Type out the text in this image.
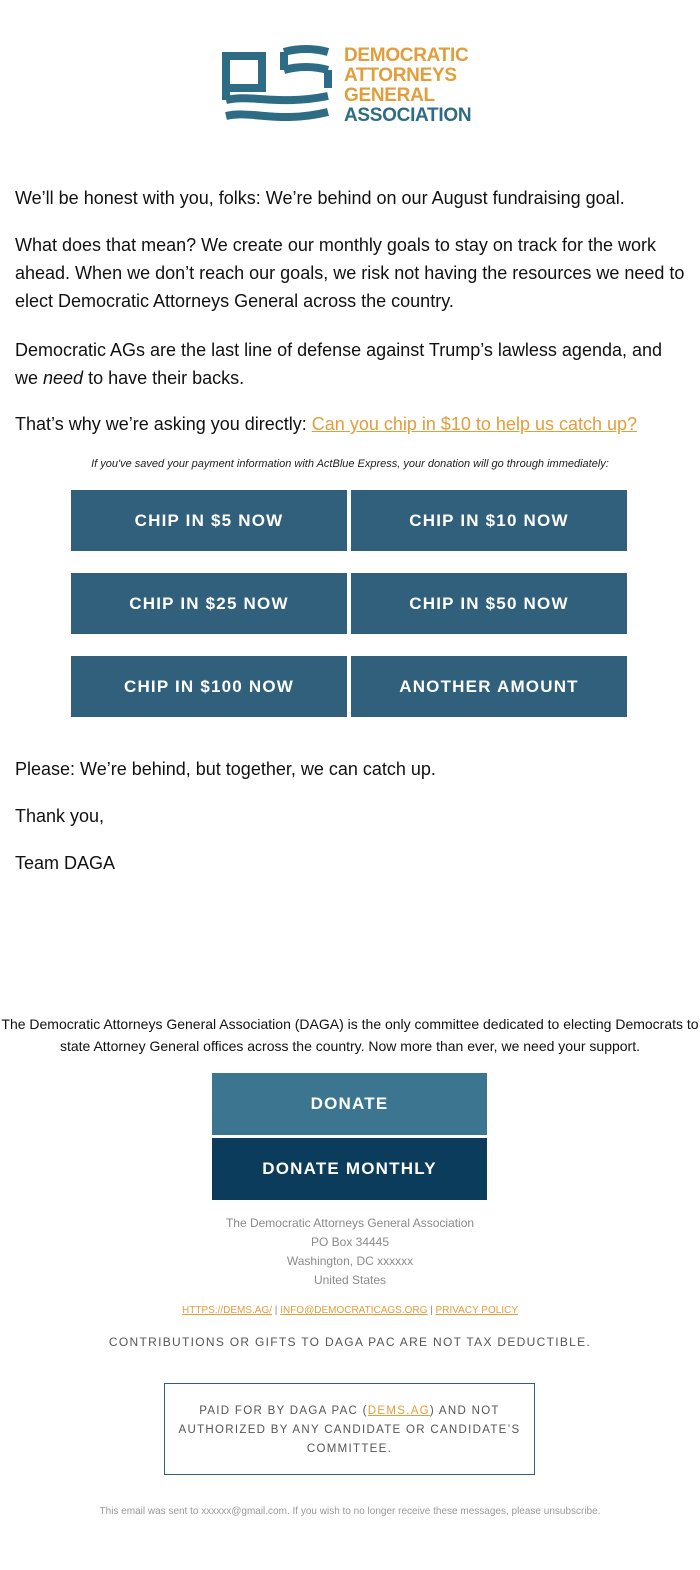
DEMOCRATIC
ATTORNEYS
GENERAL
ASSOCIATION

We’ll be honest with you, folks: We’re behind on our August fundraising goal.

What does that mean? We create our monthly goals to stay on track for the work ahead. When we don’t reach our goals, we risk not having the resources we need to elect Democratic Attorneys General across the country.

Democratic AGs are the last line of defense against Trump’s lawless agenda, and we need to have their backs.

That’s why we’re asking you directly: Can you chip in $10 to help us catch up?

If you've saved your payment information with ActBlue Express, your donation will go through immediately:

CHIP IN $5 NOW	CHIP IN $10 NOW
CHIP IN $25 NOW	CHIP IN $50 NOW
CHIP IN $100 NOW	ANOTHER AMOUNT

Please: We’re behind, but together, we can catch up.

Thank you,

Team DAGA

The Democratic Attorneys General Association (DAGA) is the only committee dedicated to electing Democrats to state Attorney General offices across the country. Now more than ever, we need your support.

DONATE
DONATE MONTHLY
The Democratic Attorneys General Association
PO Box 34445
Washington, DC xxxxxx
United States
HTTPS://DEMS.AG/ | INFO@DEMOCRATICAGS.ORG | PRIVACY POLICY

CONTRIBUTIONS OR GIFTS TO DAGA PAC ARE NOT TAX DEDUCTIBLE.

PAID FOR BY DAGA PAC (DEMS.AG) AND NOT AUTHORIZED BY ANY CANDIDATE OR CANDIDATE’S COMMITTEE.

This email was sent to xxxxxx@gmail.com. If you wish to no longer receive these messages, please unsubscribe.
